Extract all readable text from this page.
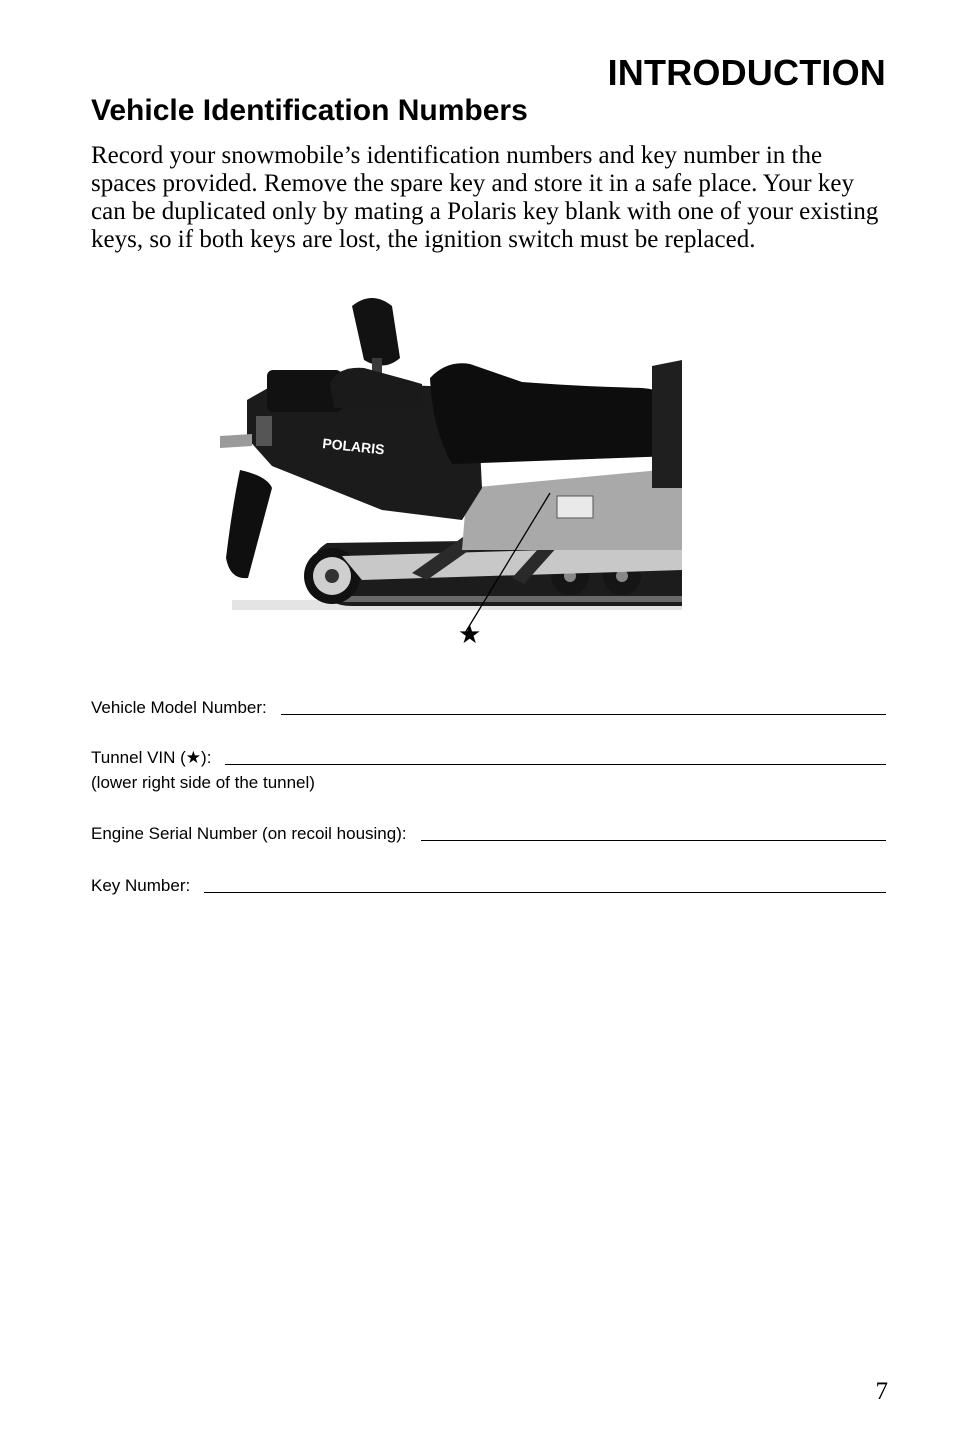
INTRODUCTION
Vehicle Identification Numbers
Record your snowmobile’s identification numbers and key number in the spaces provided. Remove the spare key and store it in a safe place. Your key can be duplicated only by mating a Polaris key blank with one of your existing keys, so if both keys are lost, the ignition switch must be replaced.
POLARIS
★
Vehicle Model Number:
Tunnel VIN (★):
(lower right side of the tunnel)
Engine Serial Number (on recoil housing):
Key Number:
7
